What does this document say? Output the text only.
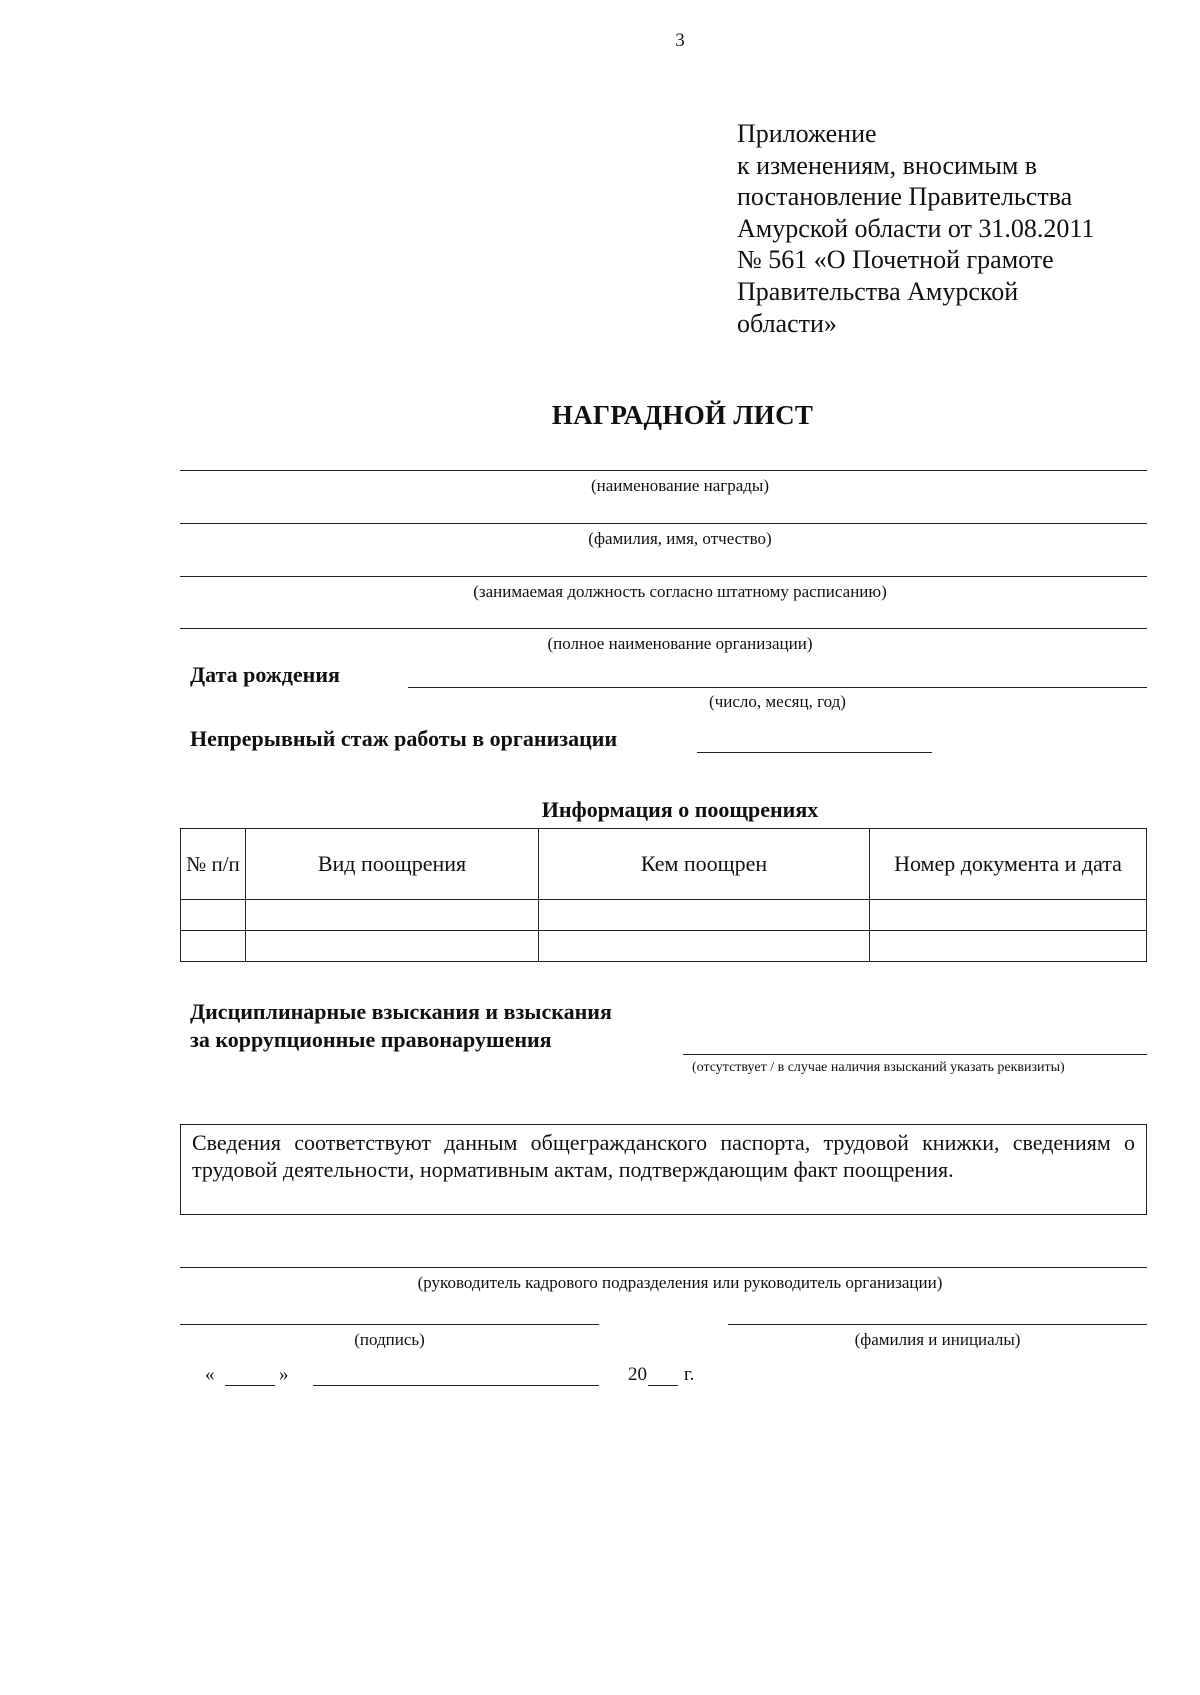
3
Приложение
к изменениям, вносимым в
постановление Правительства
Амурской области от 31.08.2011
№ 561 «О Почетной грамоте
Правительства Амурской
области»
НАГРАДНОЙ ЛИСТ
(наименование награды)
(фамилия, имя, отчество)
(занимаемая должность согласно штатному расписанию)
(полное наименование организации)
Дата рождения
(число, месяц, год)
Непрерывный стаж работы в организации
Информация о поощрениях
№ п/п	Вид поощрения	Кем поощрен	Номер документа и дата

Дисциплинарные взыскания и взыскания
за коррупционные правонарушения
(отсутствует / в случае наличия взысканий указать реквизиты)
Сведения соответствуют данным общегражданского паспорта, трудовой книжки, сведениям о трудовой деятельности, нормативным актам, подтверждающим факт поощрения.
(руководитель кадрового подразделения или руководитель организации)
(подпись)	(фамилия и инициалы)
«	»	20 г.
